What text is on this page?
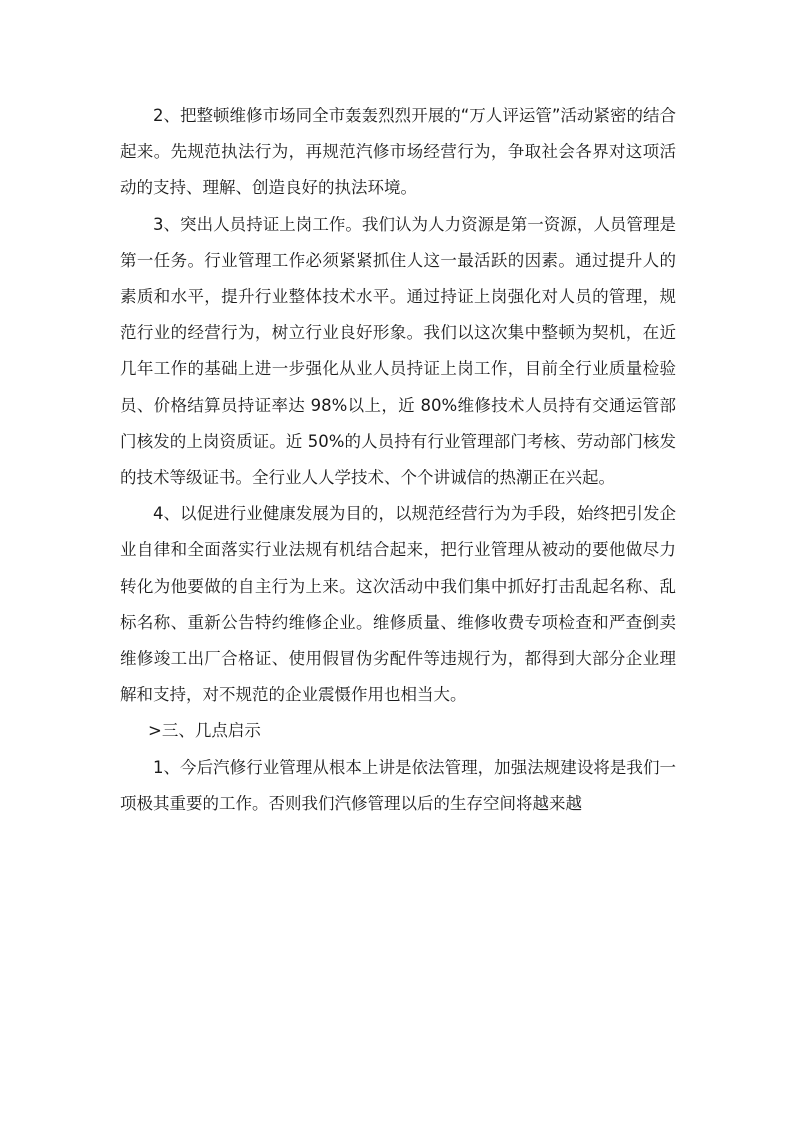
2、把整顿维修市场同全市轰轰烈烈开展的“万人评运管”活动紧密的结合起来。先规范执法行为，再规范汽修市场经营行为，争取社会各界对这项活动的支持、理解、创造良好的执法环境。

3、突出人员持证上岗工作。我们认为人力资源是第一资源，人员管理是第一任务。行业管理工作必须紧紧抓住人这一最活跃的因素。通过提升人的素质和水平，提升行业整体技术水平。通过持证上岗强化对人员的管理，规范行业的经营行为，树立行业良好形象。我们以这次集中整顿为契机，在近几年工作的基础上进一步强化从业人员持证上岗工作，目前全行业质量检验员、价格结算员持证率达 98%以上，近 80%维修技术人员持有交通运管部门核发的上岗资质证。近 50%的人员持有行业管理部门考核、劳动部门核发的技术等级证书。全行业人人学技术、个个讲诚信的热潮正在兴起。

4、以促进行业健康发展为目的，以规范经营行为为手段，始终把引发企业自律和全面落实行业法规有机结合起来，把行业管理从被动的要他做尽力转化为他要做的自主行为上来。这次活动中我们集中抓好打击乱起名称、乱标名称、重新公告特约维修企业。维修质量、维修收费专项检查和严查倒卖维修竣工出厂合格证、使用假冒伪劣配件等违规行为，都得到大部分企业理解和支持，对不规范的企业震慑作用也相当大。

>三、几点启示

1、今后汽修行业管理从根本上讲是依法管理，加强法规建设将是我们一项极其重要的工作。否则我们汽修管理以后的生存空间将越来越
